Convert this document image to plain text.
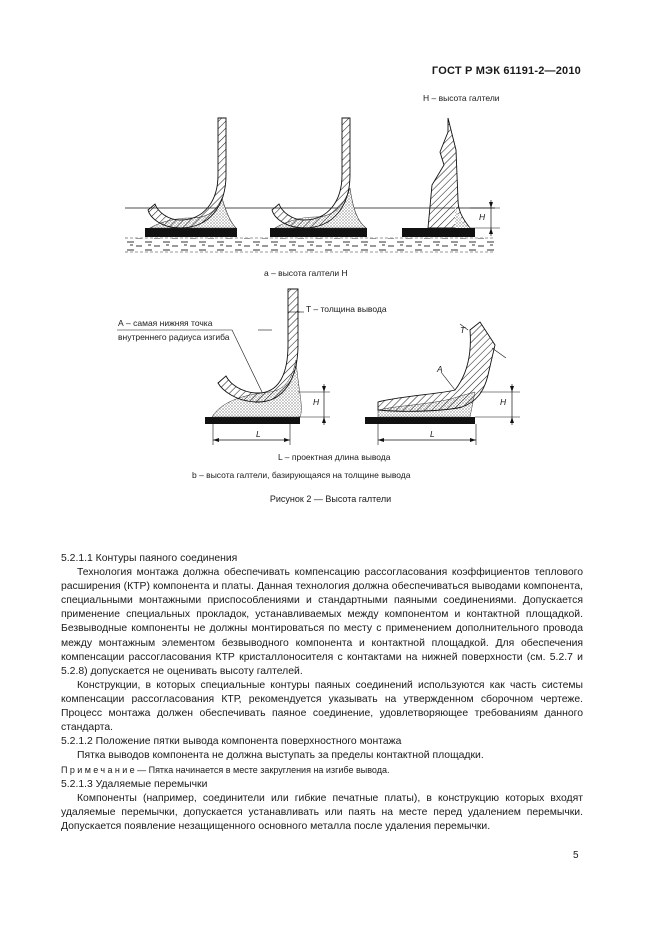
ГОСТ Р МЭК 61191-2—2010
H – высота галтели
H
а – высота галтели H
T – толщина вывода
А – самая нижняя точка
внутреннего радиуса изгиба
T
A
H	H
L	L
L – проектная длина вывода
b – высота галтели, базирующаяся на толщине вывода
Рисунок 2 — Высота галтели

5.2.1.1 Контуры паяного соединения

Технология монтажа должна обеспечивать компенсацию рассогласования коэффициентов теплового расширения (КТР) компонента и платы. Данная технология должна обеспечиваться выводами компонента, специальными монтажными приспособлениями и стандартными паяными соединениями. Допускается применение специальных прокладок, устанавливаемых между компонентом и контактной площадкой. Безвыводные компоненты не должны монтироваться по месту с применением дополнительного провода между монтажным элементом безвыводного компонента и контактной площадкой. Для обеспечения компенсации рассогласования КТР кристаллоносителя с контактами на нижней поверхности (см. 5.2.7 и 5.2.8) допускается не оценивать высоту галтелей.

Конструкции, в которых специальные контуры паяных соединений используются как часть системы компенсации рассогласования КТР, рекомендуется указывать на утвержденном сборочном чертеже. Процесс монтажа должен обеспечивать паяное соединение, удовлетворяющее требованиям данного стандарта.

5.2.1.2 Положение пятки вывода компонента поверхностного монтажа

Пятка выводов компонента не должна выступать за пределы контактной площадки.

Примечание— Пятка начинается в месте закругления на изгибе вывода.

5.2.1.3 Удаляемые перемычки

Компоненты (например, соединители или гибкие печатные платы), в конструкцию которых входят удаляемые перемычки, допускается устанавливать или паять на месте перед удалением перемычки. Допускается появление незащищенного основного металла после удаления перемычки.

5
